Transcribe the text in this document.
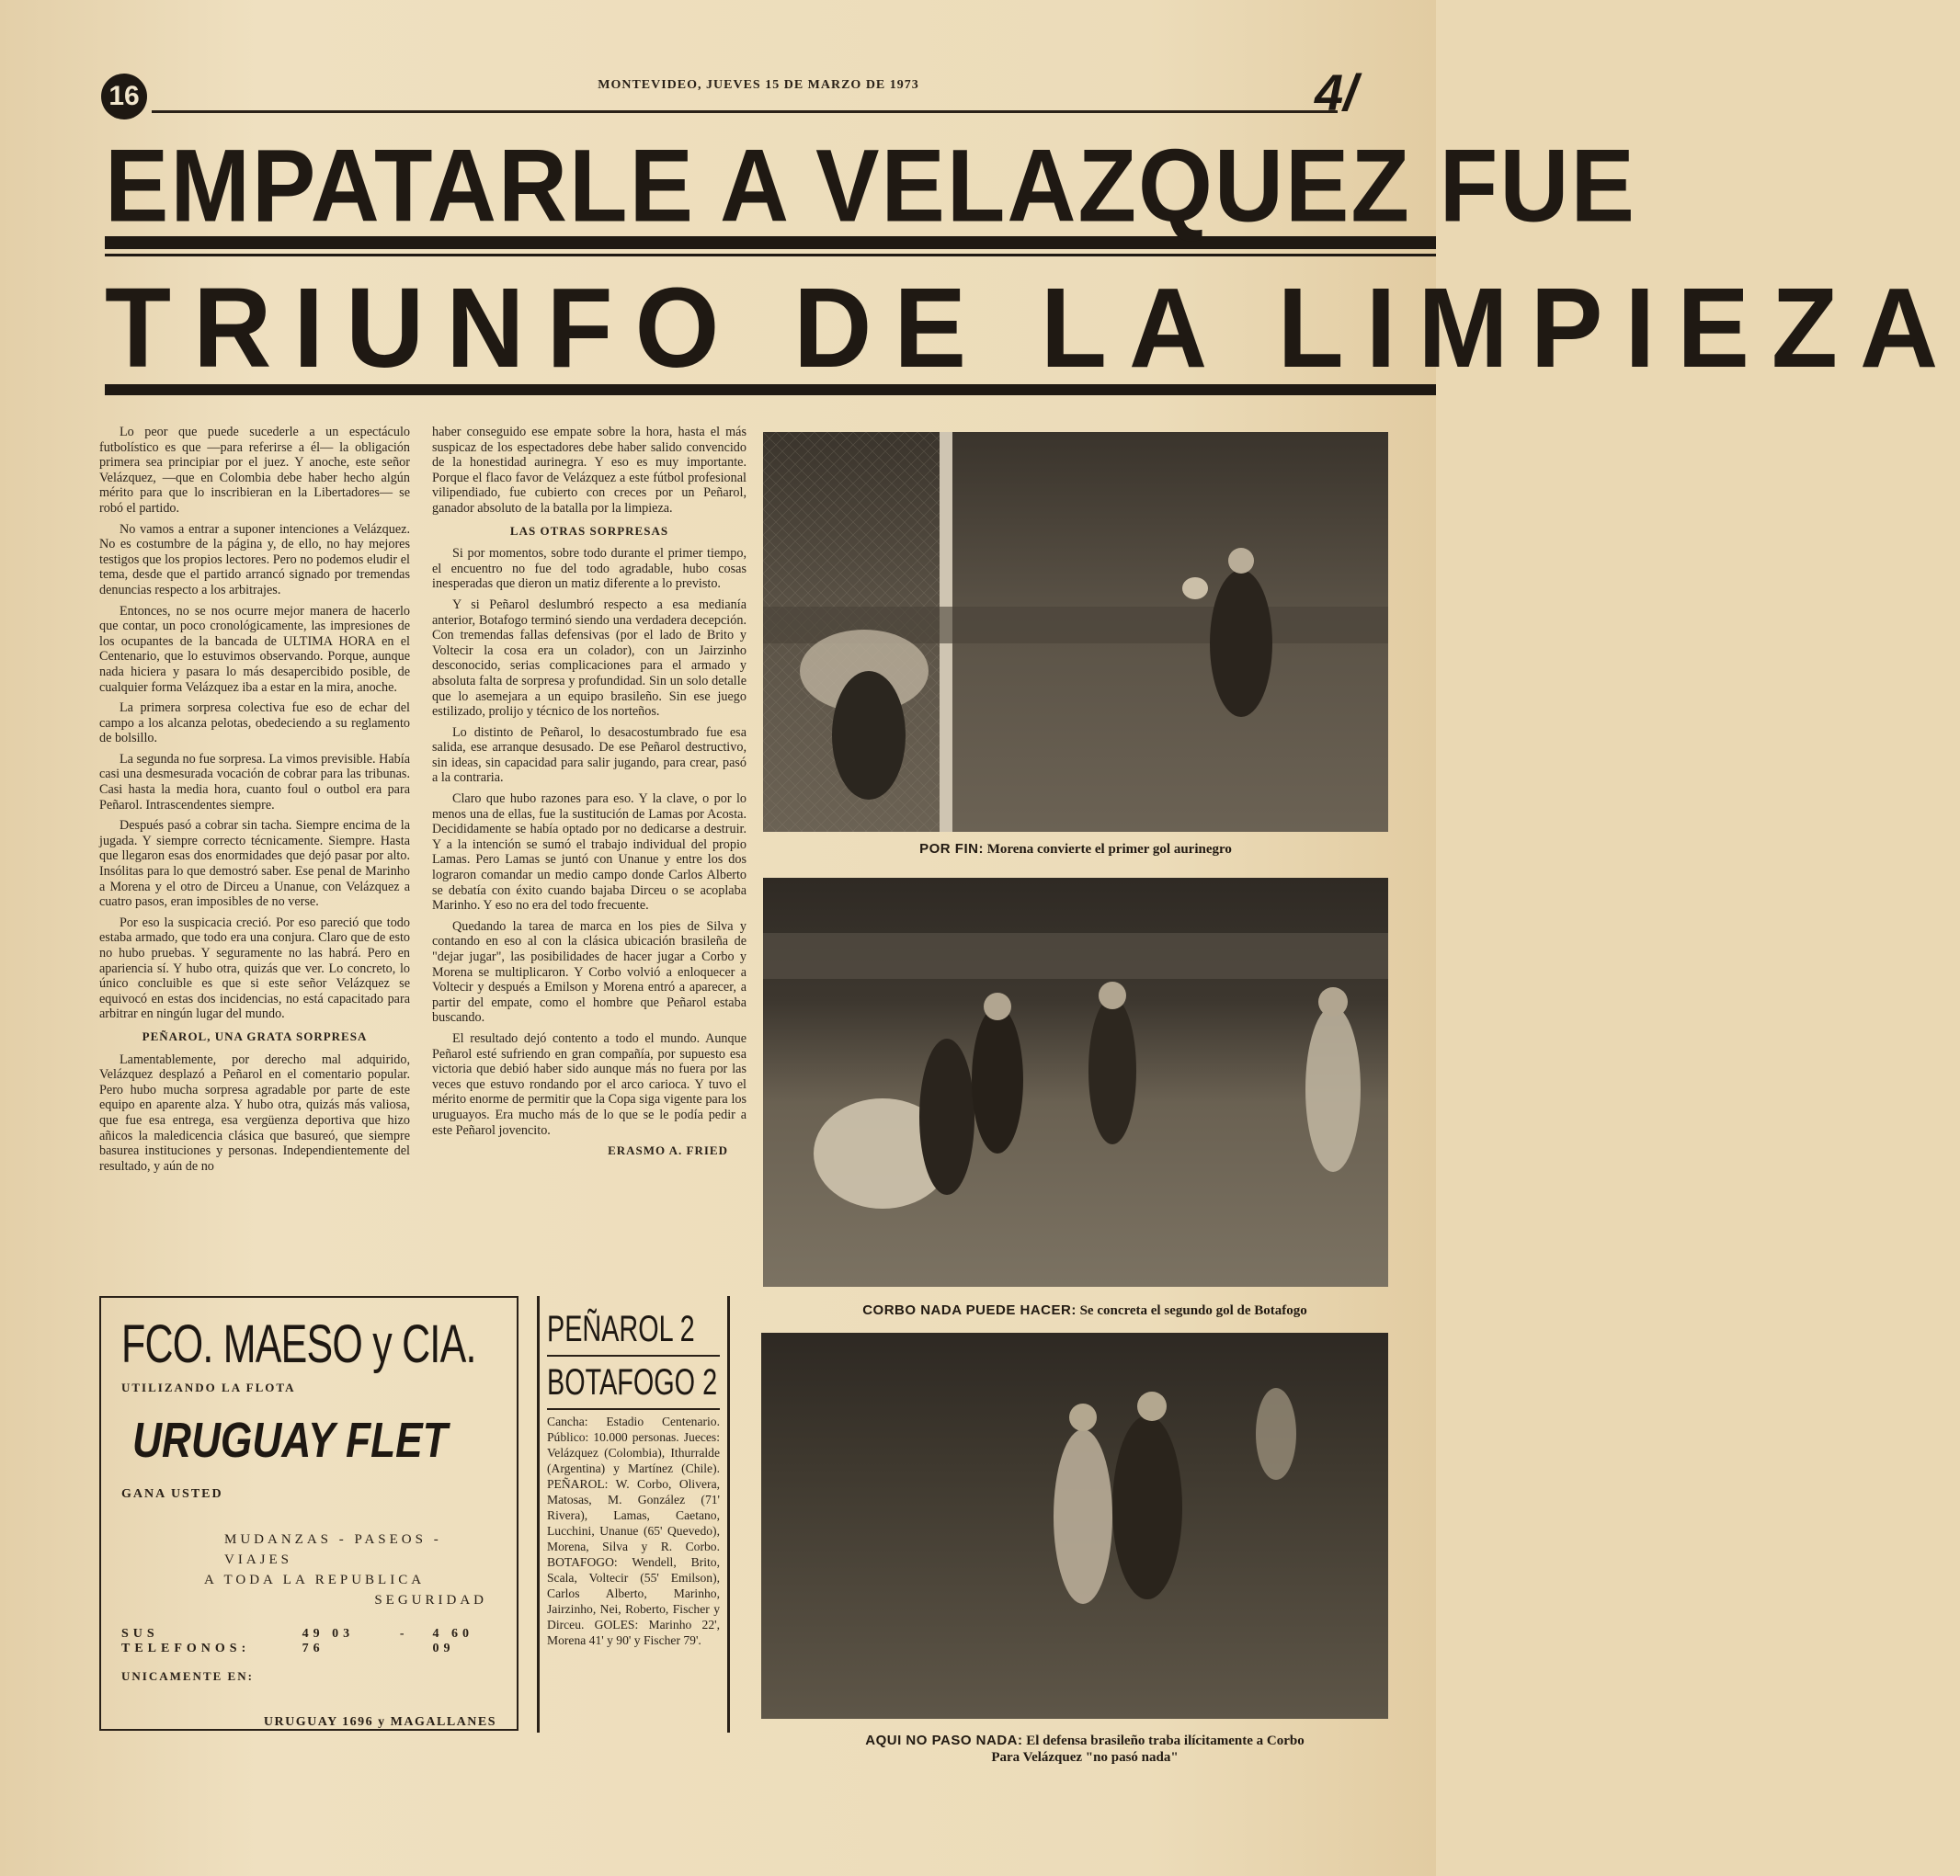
16	MONTEVIDEO, JUEVES 15 DE MARZO DE 1973	4/
EMPATARLE A VELAZQUEZ FUE
TRIUNFO DE LA LIMPIEZA

Lo peor que puede sucederle a un espectáculo futbolístico es que —para referirse a él— la obligación primera sea principiar por el juez. Y anoche, este señor Velázquez, —que en Colombia debe haber hecho algún mérito para que lo inscribieran en la Libertadores— se robó el partido.

No vamos a entrar a suponer intenciones a Velázquez. No es costumbre de la página y, de ello, no hay mejores testigos que los propios lectores. Pero no podemos eludir el tema, desde que el partido arrancó signado por tremendas denuncias respecto a los arbitrajes.

Entonces, no se nos ocurre mejor manera de hacerlo que contar, un poco cronológicamente, las impresiones de los ocupantes de la bancada de ULTIMA HORA en el Centenario, que lo estuvimos observando. Porque, aunque nada hiciera y pasara lo más desapercibido posible, de cualquier forma Velázquez iba a estar en la mira, anoche.

La primera sorpresa colectiva fue eso de echar del campo a los alcanza pelotas, obedeciendo a su reglamento de bolsillo.

La segunda no fue sorpresa. La vimos previsible. Había casi una desmesurada vocación de cobrar para las tribunas. Casi hasta la media hora, cuanto foul o outbol era para Peñarol. Intrascendentes siempre.

Después pasó a cobrar sin tacha. Siempre encima de la jugada. Y siempre correcto técnicamente. Siempre. Hasta que llegaron esas dos enormidades que dejó pasar por alto. Insólitas para lo que demostró saber. Ese penal de Marinho a Morena y el otro de Dirceu a Unanue, con Velázquez a cuatro pasos, eran imposibles de no verse.

Por eso la suspicacia creció. Por eso pareció que todo estaba armado, que todo era una conjura. Claro que de esto no hubo pruebas. Y seguramente no las habrá. Pero en apariencia sí. Y hubo otra, quizás que ver. Lo concreto, lo único concluible es que si este señor Velázquez se equivocó en estas dos incidencias, no está capacitado para arbitrar en ningún lugar del mundo.

PEÑAROL, UNA GRATA SORPRESA

Lamentablemente, por derecho mal adquirido, Velázquez desplazó a Peñarol en el comentario popular. Pero hubo mucha sorpresa agradable por parte de este equipo en aparente alza. Y hubo otra, quizás más valiosa, que fue esa entrega, esa vergüenza deportiva que hizo añicos la maledicencia clásica que basureó, que siempre basurea instituciones y personas. Independientemente del resultado, y aún de no

haber conseguido ese empate sobre la hora, hasta el más suspicaz de los espectadores debe haber salido convencido de la honestidad aurinegra. Y eso es muy importante. Porque el flaco favor de Velázquez a este fútbol profesional vilipendiado, fue cubierto con creces por un Peñarol, ganador absoluto de la batalla por la limpieza.

LAS OTRAS SORPRESAS

Si por momentos, sobre todo durante el primer tiempo, el encuentro no fue del todo agradable, hubo cosas inesperadas que dieron un matiz diferente a lo previsto.

Y si Peñarol deslumbró respecto a esa medianía anterior, Botafogo terminó siendo una verdadera decepción. Con tremendas fallas defensivas (por el lado de Brito y Voltecir la cosa era un colador), con un Jairzinho desconocido, serias complicaciones para el armado y absoluta falta de sorpresa y profundidad. Sin un solo detalle que lo asemejara a un equipo brasileño. Sin ese juego estilizado, prolijo y técnico de los norteños.

Lo distinto de Peñarol, lo desacostumbrado fue esa salida, ese arranque desusado. De ese Peñarol destructivo, sin ideas, sin capacidad para salir jugando, para crear, pasó a la contraria.

Claro que hubo razones para eso. Y la clave, o por lo menos una de ellas, fue la sustitución de Lamas por Acosta. Decididamente se había optado por no dedicarse a destruir. Y a la intención se sumó el trabajo individual del propio Lamas. Pero Lamas se juntó con Unanue y entre los dos lograron comandar un medio campo donde Carlos Alberto se debatía con éxito cuando bajaba Dirceu o se acoplaba Marinho. Y eso no era del todo frecuente.

Quedando la tarea de marca en los pies de Silva y contando en eso al con la clásica ubicación brasileña de "dejar jugar", las posibilidades de hacer jugar a Corbo y Morena se multiplicaron. Y Corbo volvió a enloquecer a Voltecir y después a Emilson y Morena entró a aparecer, a partir del empate, como el hombre que Peñarol estaba buscando.

El resultado dejó contento a todo el mundo. Aunque Peñarol esté sufriendo en gran compañía, por supuesto esa victoria que debió haber sido aunque más no fuera por las veces que estuvo rondando por el arco carioca. Y tuvo el mérito enorme de permitir que la Copa siga vigente para los uruguayos. Era mucho más de lo que se le podía pedir a este Peñarol jovencito.

ERASMO A. FRIED
POR FIN: Morena convierte el primer gol aurinegro
CORBO NADA PUEDE HACER: Se concreta el segundo gol de Botafogo
AQUI NO PASO NADA: El defensa brasileño traba ilícitamente a Corbo
Para Velázquez "no pasó nada"
FCO. MAESO y CIA.
UTILIZANDO LA FLOTA
URUGUAY FLET
GANA USTED
MUDANZAS - PASEOS - VIAJES
A TODA LA REPUBLICA
SEGURIDAD
SUS TELEFONOS:
49 03 76
- 4 60 09
UNICAMENTE EN:
URUGUAY 1696 y MAGALLANES
PEÑAROL 2
BOTAFOGO 2

Cancha: Estadio Centenario. Público: 10.000 personas. Jueces: Velázquez (Colombia), Ithurralde (Argentina) y Martínez (Chile). PEÑAROL: W. Corbo, Olivera, Matosas, M. González (71' Rivera), Lamas, Caetano, Lucchini, Unanue (65' Quevedo), Morena, Silva y R. Corbo. BOTAFOGO: Wendell, Brito, Scala, Voltecir (55' Emilson), Carlos Alberto, Marinho, Jairzinho, Nei, Roberto, Fischer y Dirceu. GOLES: Marinho 22', Morena 41' y 90' y Fischer 79'.
